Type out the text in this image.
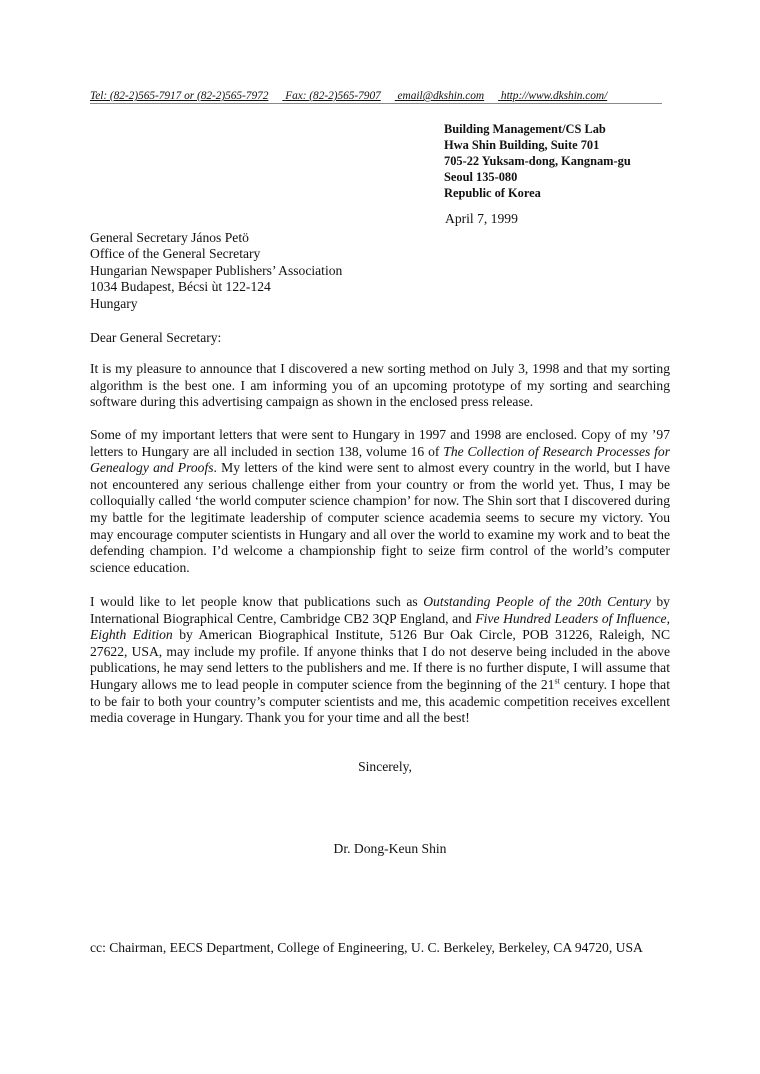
Tel: (82-2)565-7917 or (82-2)565-7972 Fax: (82-2)565-7907 email@dkshin.com http://www.dkshin.com/
Building Management/CS Lab
Hwa Shin Building, Suite 701
705-22 Yuksam-dong, Kangnam-gu
Seoul 135-080
Republic of Korea
April 7, 1999
General Secretary János Petö
Office of the General Secretary
Hungarian Newspaper Publishers’ Association
1034 Budapest, Bécsi ùt 122-124
Hungary
Dear General Secretary:
It is my pleasure to announce that I discovered a new sorting method on July 3, 1998 and that my sorting algorithm is the best one. I am informing you of an upcoming prototype of my sorting and searching software during this advertising campaign as shown in the enclosed press release.
Some of my important letters that were sent to Hungary in 1997 and 1998 are enclosed. Copy of my ’97 letters to Hungary are all included in section 138, volume 16 of The Collection of Research Processes for Genealogy and Proofs. My letters of the kind were sent to almost every country in the world, but I have not encountered any serious challenge either from your country or from the world yet. Thus, I may be colloquially called ‘the world computer science champion’ for now. The Shin sort that I discovered during my battle for the legitimate leadership of computer science academia seems to secure my victory. You may encourage computer scientists in Hungary and all over the world to examine my work and to beat the defending champion. I’d welcome a championship fight to seize firm control of the world’s computer science education.
I would like to let people know that publications such as Outstanding People of the 20th Century by International Biographical Centre, Cambridge CB2 3QP England, and Five Hundred Leaders of Influence, Eighth Edition by American Biographical Institute, 5126 Bur Oak Circle, POB 31226, Raleigh, NC 27622, USA, may include my profile. If anyone thinks that I do not deserve being included in the above publications, he may send letters to the publishers and me. If there is no further dispute, I will assume that Hungary allows me to lead people in computer science from the beginning of the 21st century. I hope that to be fair to both your country’s computer scientists and me, this academic competition receives excellent media coverage in Hungary. Thank you for your time and all the best!
Sincerely,
Dr. Dong-Keun Shin
cc: Chairman, EECS Department, College of Engineering, U. C. Berkeley, Berkeley, CA 94720, USA
